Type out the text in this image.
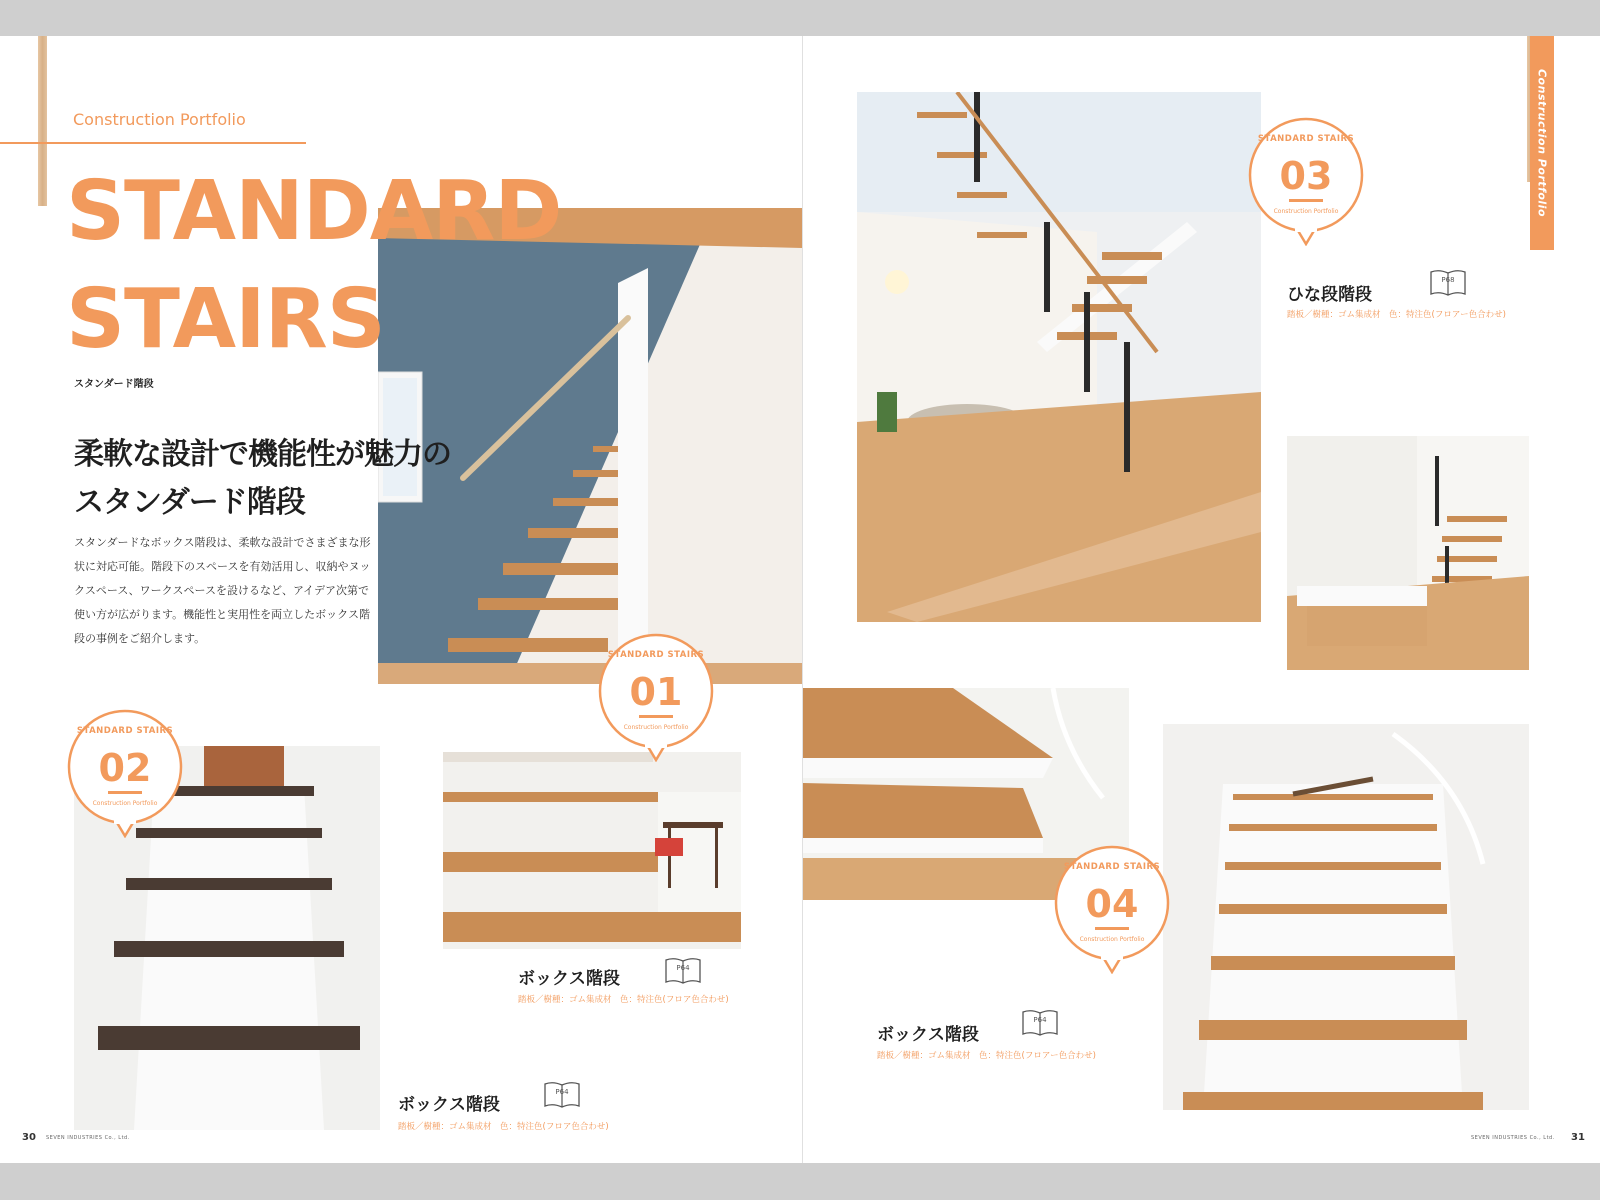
Construction Portfolio
STANDARD
STAIRS
スタンダード階段
柔軟な設計で機能性が魅力の
スタンダード階段
スタンダードなボックス階段は、柔軟な設計でさまざまな形状に対応可能。階段下のスペースを有効活用し、収納やヌックスペース、ワークスペースを設けるなど、アイデア次第で使い方が広がります。機能性と実用性を両立したボックス階段の事例をご紹介します。
STANDARD STAIRS
01
Construction Portfolio
STANDARD STAIRS
02
Construction Portfolio
ボックス階段
P64
踏板／樹種：ゴム集成材　色：特注色(フロア色合わせ)
ボックス階段
P64
踏板／樹種：ゴム集成材　色：特注色(フロア色合わせ)
30 SEVEN INDUSTRIES Co., Ltd.
STANDARD STAIRS
03
Construction Portfolio
ひな段階段
P68
踏板／樹種：ゴム集成材　色：特注色(フロアー色合わせ)
STANDARD STAIRS
04
Construction Portfolio
ボックス階段
P64
踏板／樹種：ゴム集成材　色：特注色(フロアー色合わせ)
SEVEN INDUSTRIES Co., Ltd. 31
Construction Portfolio
